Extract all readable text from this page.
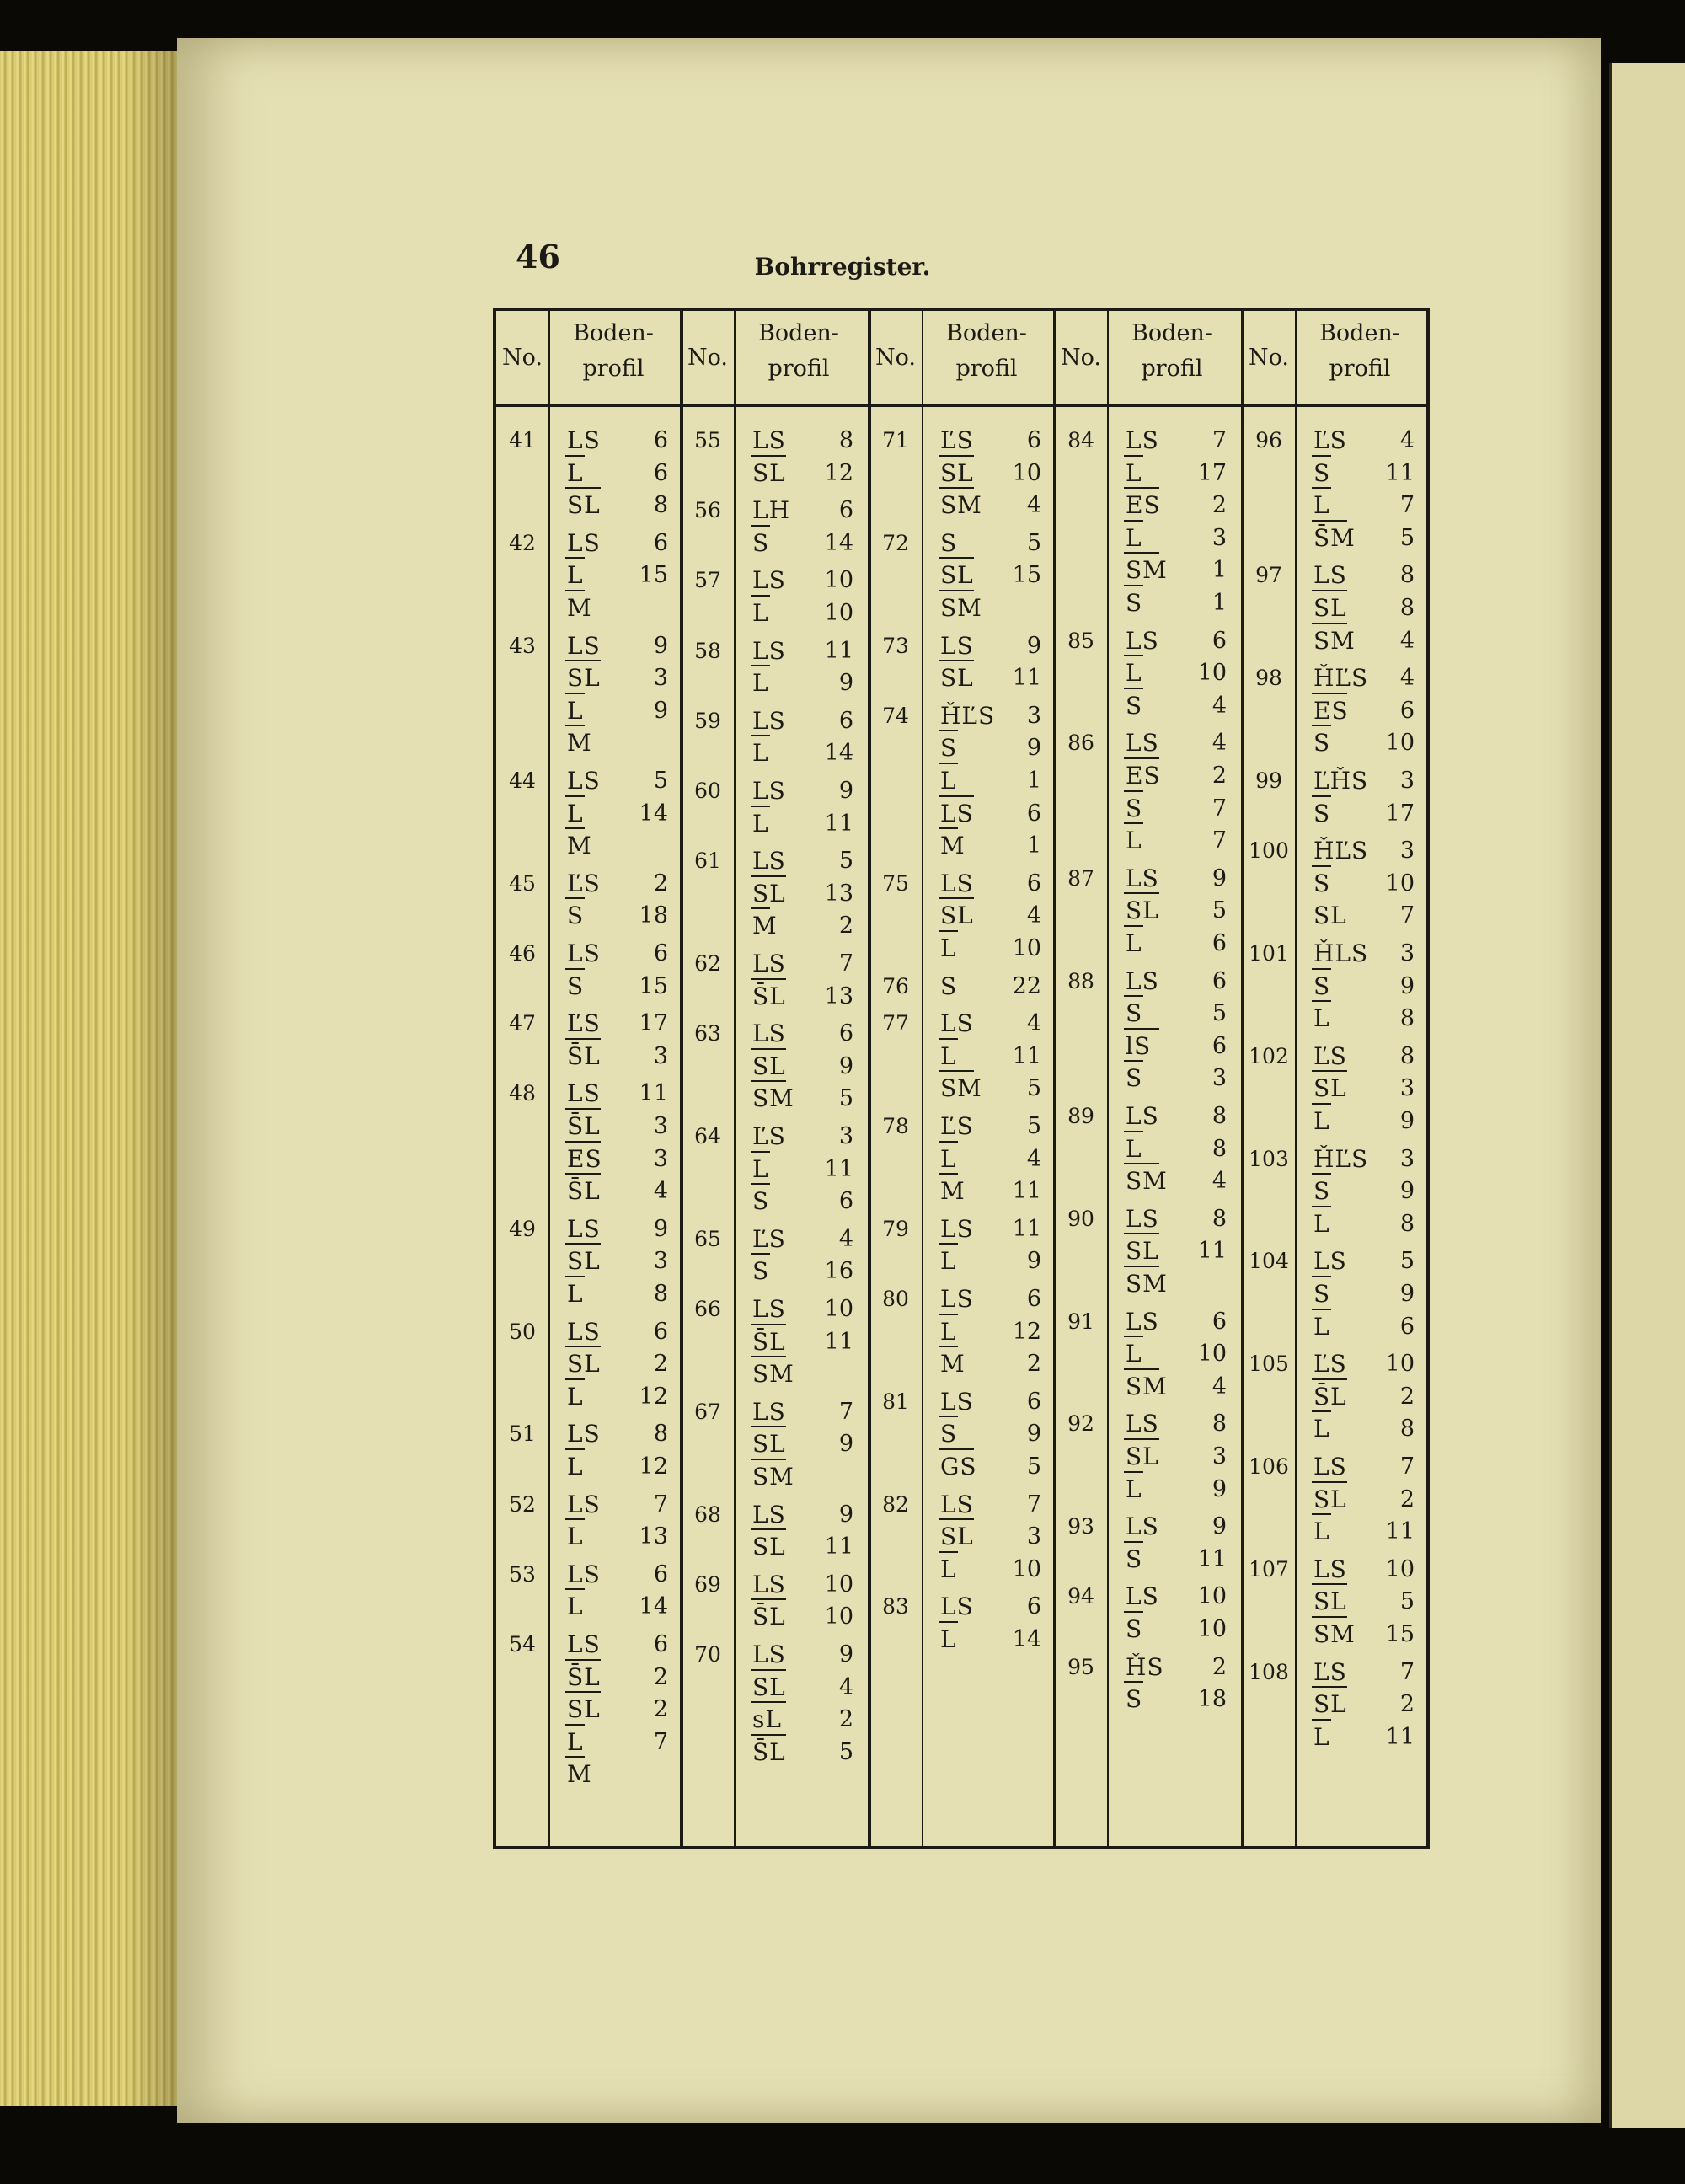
46	Bohrregister.
No.
Boden-
profil
41	LS	6
L	6
SL	8
42	LS	6
L	15
M
43	LS	9
SL	3
L	9
M
44	LS	5
L	14
M
45	ĽS	2
S	18
46	LS	6
S	15
47	ĽS	17
S̄L	3
48	LS	11
S̄L	3
ES	3
S̄L	4
49	LS	9
SL	3
L	8
50	LS	6
SL	2
L	12
51	LS	8
L	12
52	LS	7
L	13
53	LS	6
L	14
54	LS	6
S̄L	2
SL	2
L	7
M
No.
Boden-
profil
55	LS	8
SL	12
56	LH	6
S	14
57	LS	10
L	10
58	LS	11
L	9
59	LS	6
L	14
60	LS	9
L	11
61	LS	5
SL	13
M	2
62	LS	7
S̄L	13
63	LS	6
SL	9
SM	5
64	ĽS	3
L	11
S	6
65	ĽS	4
S	16
66	LS	10
S̄L	11
SM
67	LS	7
SL	9
SM
68	LS	9
SL	11
69	LS	10
S̄L	10
70	LS	9
SL	4
sL	2
S̄L	5
No.
Boden-
profil
71	ĽS	6
SL	10
SM	4
72	S	5
SL	15
SM
73	LS	9
SL	11
74	ȞĽS	3
S	9
L	1
LS	6
M	1
75	LS	6
SL	4
L	10
76	S	22
77	LS	4
L	11
SM	5
78	ĽS	5
L	4
M	11
79	LS	11
L	9
80	LS	6
L	12
M	2
81	LS	6
S	9
GS	5
82	LS	7
SL	3
L	10
83	LS	6
L	14
No.
Boden-
profil
84	LS	7
L	17
ES	2
L	3
SM	1
S	1
85	LS	6
L	10
S	4
86	LS	4
ES	2
S	7
L	7
87	LS	9
SL	5
L	6
88	LS	6
S	5
lS	6
S	3
89	LS	8
L	8
SM	4
90	LS	8
SL	11
SM
91	LS	6
L	10
SM	4
92	LS	8
SL	3
L	9
93	LS	9
S	11
94	LS	10
S	10
95	ȞS	2
S	18
No.
Boden-
profil
96	ĽS	4
S	11
L	7
S̄M	5
97	LS	8
SL	8
SM	4
98	ȞĽS	4
ES	6
S	10
99	ĽȞS	3
S	17
100 ȞĽS	3
S	10
SL	7
101 ȞLS	3
S	9
L	8
102 ĽS	8
SL	3
L	9
103 ȞĽS	3
S	9
L	8
104 LS	5
S	9
L	6
105 ĽS	10
S̄L	2
L	8
106 LS	7
SL	2
L	11
107 LS	10
SL	5
SM	15
108 ĽS	7
SL	2
L	11
